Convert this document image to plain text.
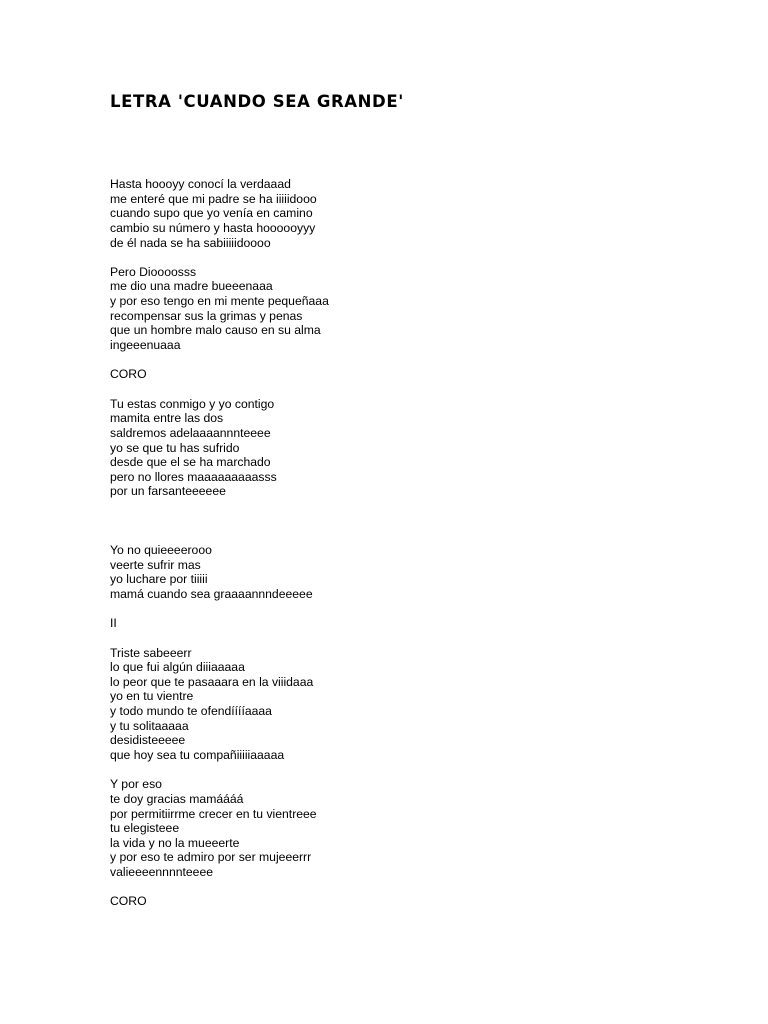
LETRA 'CUANDO SEA GRANDE'
Hasta hoooyy conocí la verdaaad
me enteré que mi padre se ha iiiiidooo
cuando supo que yo venía en camino
cambio su número y hasta hoooooyyy
de él nada se ha sabiiiiidoooo
Pero Dioooosss
me dio una madre bueeenaaa
y por eso tengo en mi mente pequeñaaa
recompensar sus la grimas y penas
que un hombre malo causo en su alma
ingeeenuaaa
CORO
Tu estas conmigo y yo contigo
mamita entre las dos
saldremos adelaaaannnteeee
yo se que tu has sufrido
desde que el se ha marchado
pero no llores maaaaaaaaasss
por un farsanteeeeee
Yo no quieeeerooo
veerte sufrir mas
yo luchare por tiiiii
mamá cuando sea graaaannndeeeee
II
Triste sabeeerr
lo que fui algún diiiaaaaa
lo peor que te pasaaara en la viiidaaa
yo en tu vientre
y todo mundo te ofendííííaaaa
y tu solitaaaaa
desidisteeeee
que hoy sea tu compañiiiiiaaaaa
Y por eso
te doy gracias mamáááá
por permitiirrme crecer en tu vientreee
tu elegisteee
la vida y no la mueeerte
y por eso te admiro por ser mujeeerrr
valieeeennnnteeee
CORO
